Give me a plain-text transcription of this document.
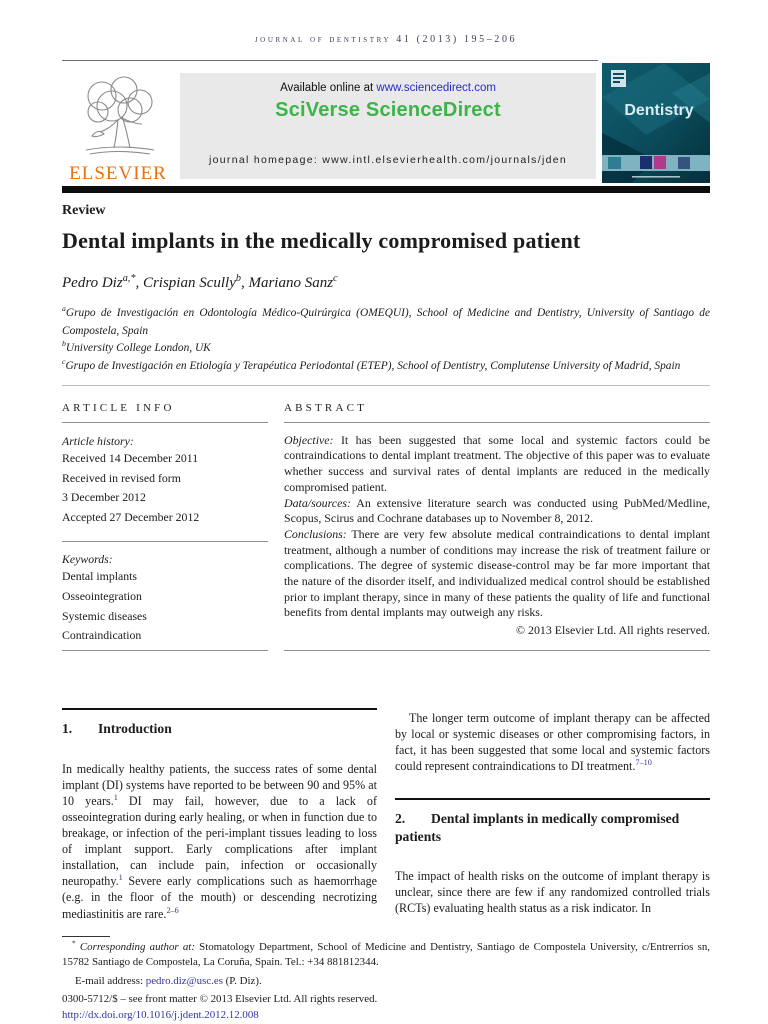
journal of dentistry 41 (2013) 195–206
ELSEVIER
Available online at www.sciencedirect.com
SciVerse ScienceDirect
journal homepage: www.intl.elsevierhealth.com/journals/jden
Dentistry
Review
Dental implants in the medically compromised patient
Pedro Diz$^{a,*}$, Crispian Scully$^b$, Mariano Sanz$^c$
$^a$Grupo de Investigación en Odontología Médico-Quirúrgica (OMEQUI), School of Medicine and Dentistry, University of Santiago de Compostela, Spain
$^b$University College London, UK
$^c$Grupo de Investigación en Etiología y Terapéutica Periodontal (ETEP), School of Dentistry, Complutense University of Madrid, Spain
ARTICLE INFO
Article history:
Received 14 December 2011
Received in revised form
3 December 2012
Accepted 27 December 2012
Keywords:
Dental implants
Osseointegration
Systemic diseases
Contraindication
ABSTRACT

Objective: It has been suggested that some local and systemic factors could be contraindications to dental implant treatment. The objective of this paper was to evaluate whether success and survival rates of dental implants are reduced in the medically compromised patient.

Data/sources: An extensive literature search was conducted using PubMed/Medline, Scopus, Scirus and Cochrane databases up to November 8, 2012.

Conclusions: There are very few absolute medical contraindications to dental implant treatment, although a number of conditions may increase the risk of treatment failure or complications. The degree of systemic disease-control may be far more important that the nature of the disorder itself, and individualized medical control should be established prior to implant therapy, since in many of these patients the quality of life and functional benefits from dental implants may outweigh any risks.

© 2013 Elsevier Ltd. All rights reserved.
1. Introduction

In medically healthy patients, the success rates of some dental implant (DI) systems have reported to be between 90 and 95% at 10 years.$^1$ DI may fail, however, due to a lack of osseointegration during early healing, or when in function due to breakage, or infection of the peri-implant tissues leading to loss of implant support. Early complications after implant installation, can include pain, infection or occasionally neuropathy.$^1$ Severe early complications such as haemorrhage (e.g. in the floor of the mouth) or descending necrotizing mediastinitis are rare.$^{2-6}$

The longer term outcome of implant therapy can be affected by local or systemic diseases or other compromising factors, in fact, it has been suggested that some local and systemic factors could represent contraindications to DI treatment.$^{7-10}$

2. Dental implants in medically compromised patients

The impact of health risks on the outcome of implant therapy is unclear, since there are few if any randomized controlled trials (RCTs) evaluating health status as a risk indicator. In

* Corresponding author at: Stomatology Department, School of Medicine and Dentistry, Santiago de Compostela University, c/Entrerríos sn, 15782 Santiago de Compostela, La Coruña, Spain. Tel.: +34 881812344.

E-mail address: pedro.diz@usc.es (P. Diz).

0300-5712/$ – see front matter © 2013 Elsevier Ltd. All rights reserved.

http://dx.doi.org/10.1016/j.jdent.2012.12.008
